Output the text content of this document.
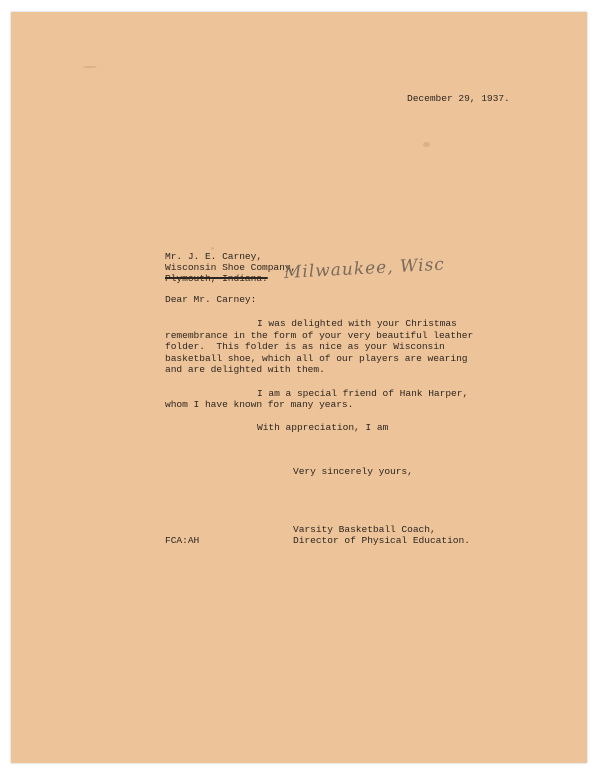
December 29, 1937.
Mr. J. E. Carney,
Wisconsin Shoe Company,
Plymouth, Indiana. Milwaukee, Wisc
Dear Mr. Carney:
I was delighted with your Christmas
remembrance in the form of your very beautiful leather
folder.  This folder is as nice as your Wisconsin
basketball shoe, which all of our players are wearing
and are delighted with them.
I am a special friend of Hank Harper,
whom I have known for many years.
With appreciation, I am
Very sincerely yours,
Varsity Basketball Coach,
FCA:AH	Director of Physical Education.
